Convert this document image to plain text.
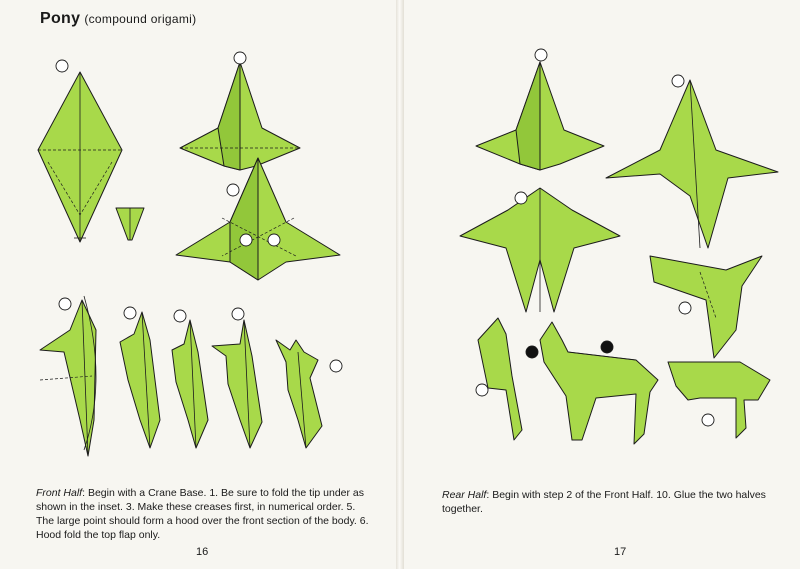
Pony (compound origami)
Front Half: Begin with a Crane Base. 1. Be sure to fold the tip under as shown in the inset. 3. Make these creases first, in numerical order. 5. The large point should form a hood over the front section of the body. 6. Hood fold the top flap only.
Rear Half: Begin with step 2 of the Front Half. 10. Glue the two halves together.
16	17
